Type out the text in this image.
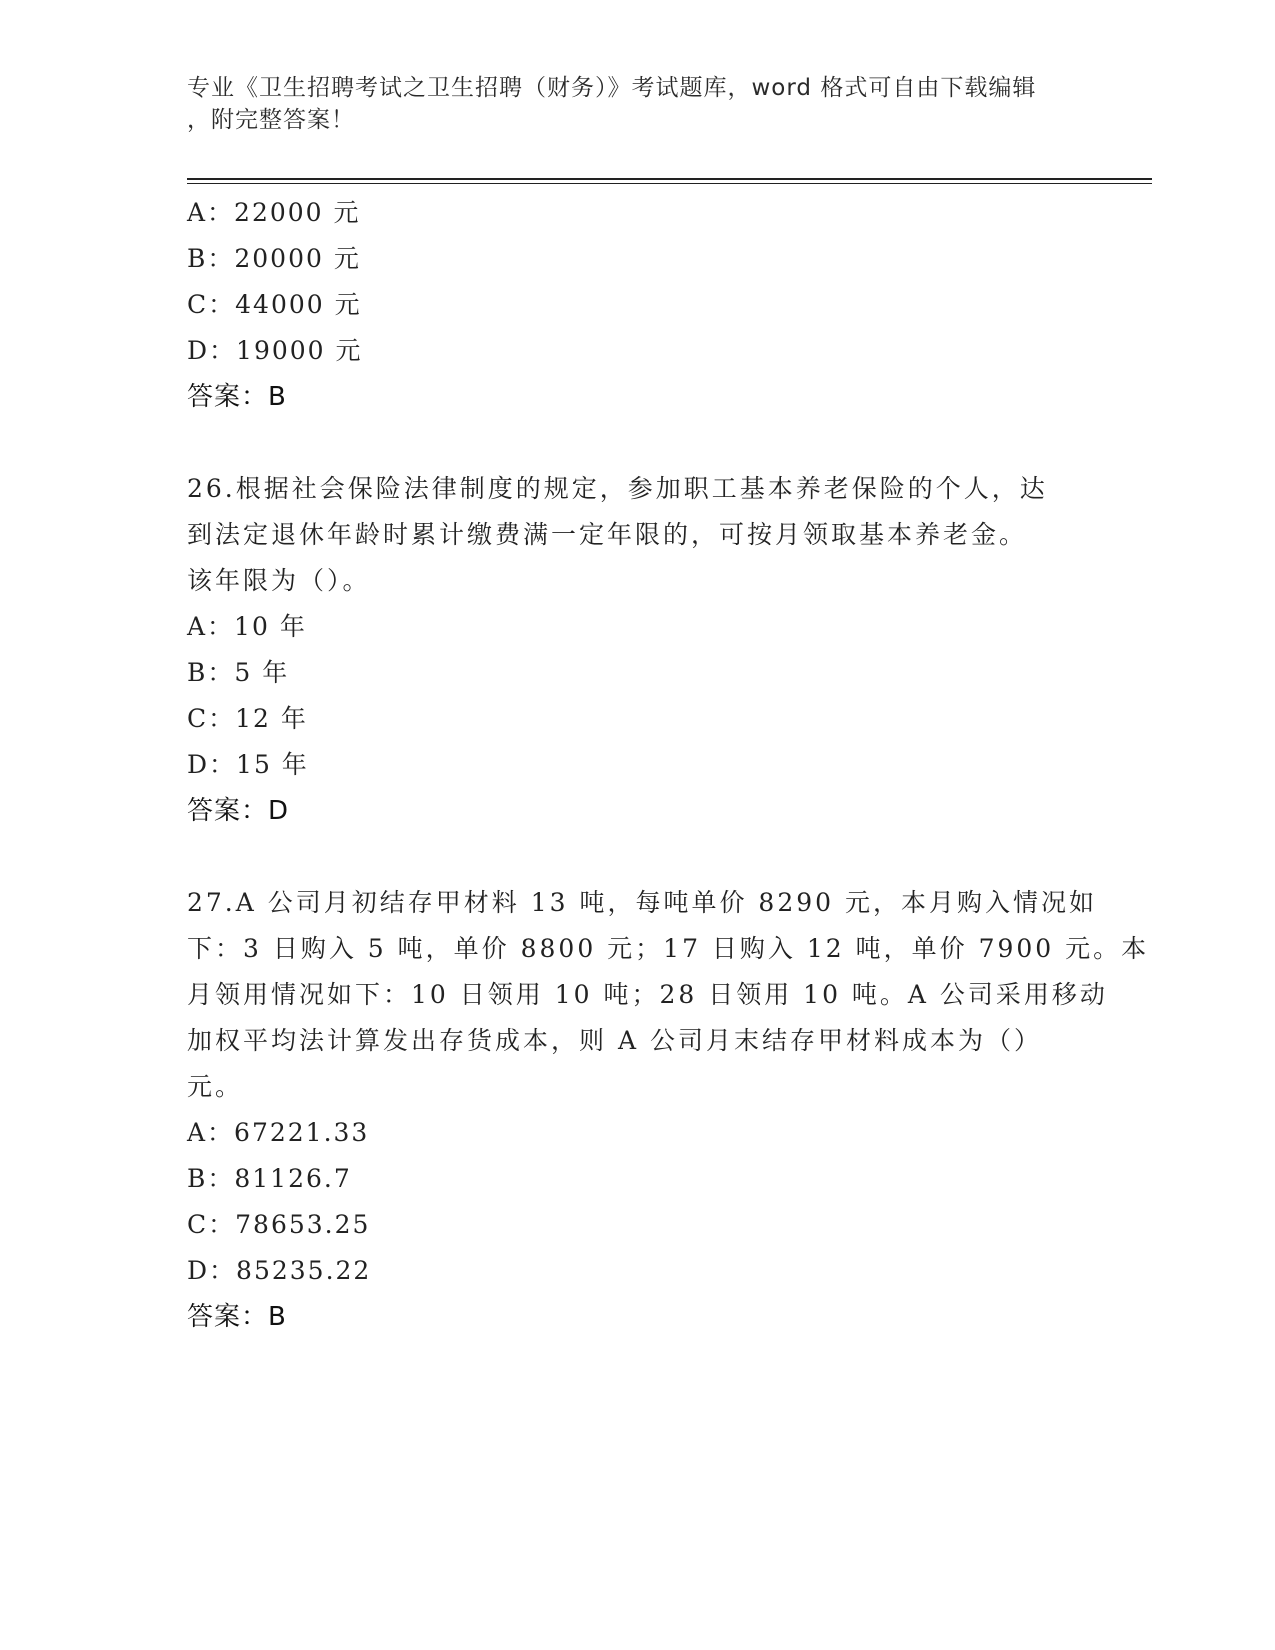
专业《卫生招聘考试之卫生招聘（财务）》考试题库，word 格式可自由下载编辑
，附完整答案！
A：22000 元
B：20000 元
C：44000 元
D：19000 元
答案：B
26.根据社会保险法律制度的规定，参加职工基本养老保险的个人，达
到法定退休年龄时累计缴费满一定年限的，可按月领取基本养老金。
该年限为（）。
A：10 年
B：5 年
C：12 年
D：15 年
答案：D
27.A 公司月初结存甲材料 13 吨，每吨单价 8290 元，本月购入情况如
下：3 日购入 5 吨，单价 8800 元；17 日购入 12 吨，单价 7900 元。本
月领用情况如下：10 日领用 10 吨；28 日领用 10 吨。A 公司采用移动
加权平均法计算发出存货成本，则 A 公司月末结存甲材料成本为（）
元。
A：67221.33
B：81126.7
C：78653.25
D：85235.22
答案：B
